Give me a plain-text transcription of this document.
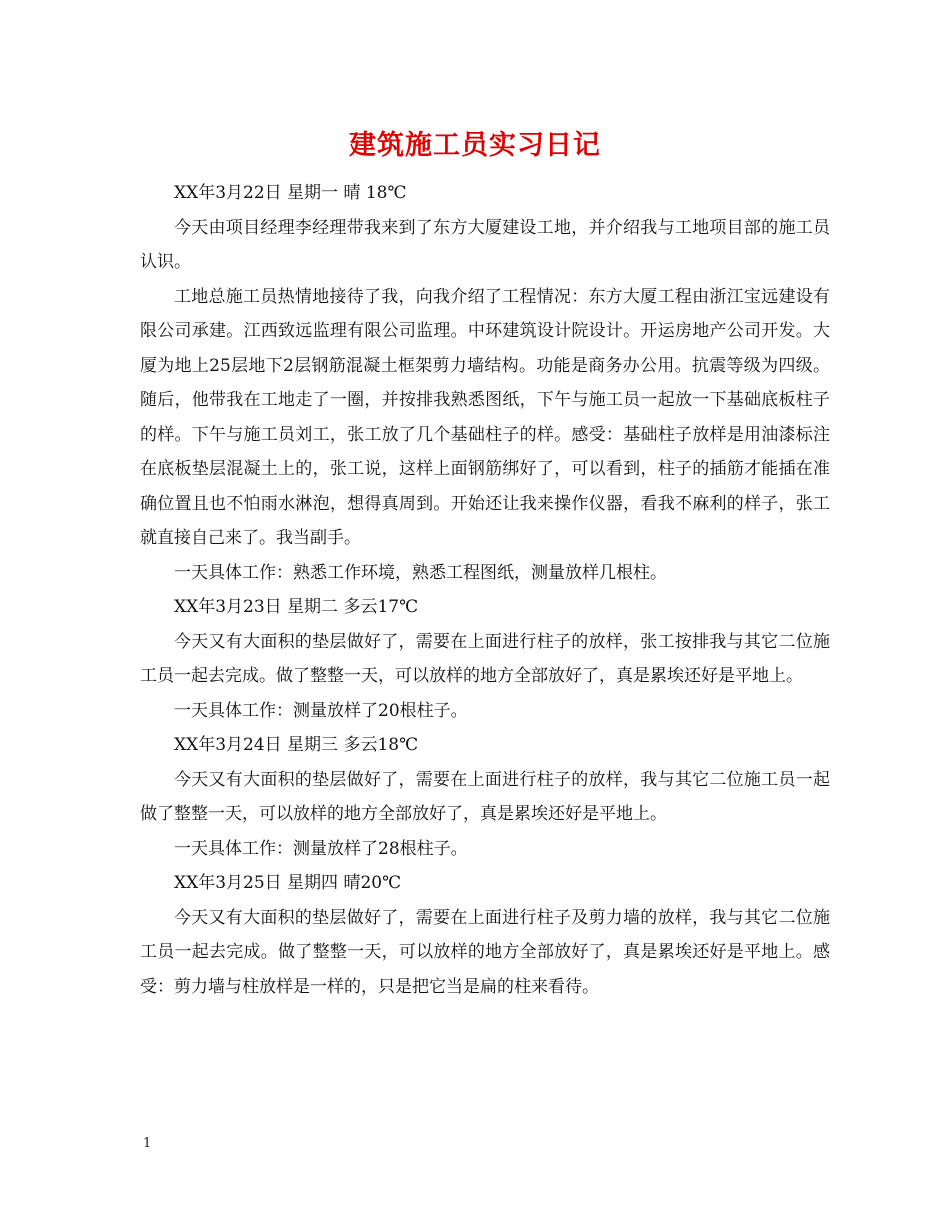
建筑施工员实习日记

XX年3月22日 星期一 晴 18℃

今天由项目经理李经理带我来到了东方大厦建设工地，并介绍我与工地项目部的施工员认识。

工地总施工员热情地接待了我，向我介绍了工程情况：东方大厦工程由浙江宝远建设有限公司承建。江西致远监理有限公司监理。中环建筑设计院设计。开运房地产公司开发。大厦为地上25层地下2层钢筋混凝土框架剪力墙结构。功能是商务办公用。抗震等级为四级。随后，他带我在工地走了一圈，并按排我熟悉图纸，下午与施工员一起放一下基础底板柱子的样。下午与施工员刘工，张工放了几个基础柱子的样。感受：基础柱子放样是用油漆标注在底板垫层混凝土上的，张工说，这样上面钢筋绑好了，可以看到，柱子的插筋才能插在准确位置且也不怕雨水淋泡，想得真周到。开始还让我来操作仪器，看我不麻利的样子，张工就直接自己来了。我当副手。

一天具体工作：熟悉工作环境，熟悉工程图纸，测量放样几根柱。

XX年3月23日 星期二 多云17℃

今天又有大面积的垫层做好了，需要在上面进行柱子的放样，张工按排我与其它二位施工员一起去完成。做了整整一天，可以放样的地方全部放好了，真是累埃还好是平地上。

一天具体工作：测量放样了20根柱子。

XX年3月24日 星期三 多云18℃

今天又有大面积的垫层做好了，需要在上面进行柱子的放样，我与其它二位施工员一起做了整整一天，可以放样的地方全部放好了，真是累埃还好是平地上。

一天具体工作：测量放样了28根柱子。

XX年3月25日 星期四 晴20℃

今天又有大面积的垫层做好了，需要在上面进行柱子及剪力墙的放样，我与其它二位施工员一起去完成。做了整整一天，可以放样的地方全部放好了，真是累埃还好是平地上。感受：剪力墙与柱放样是一样的，只是把它当是扁的柱来看待。

1
